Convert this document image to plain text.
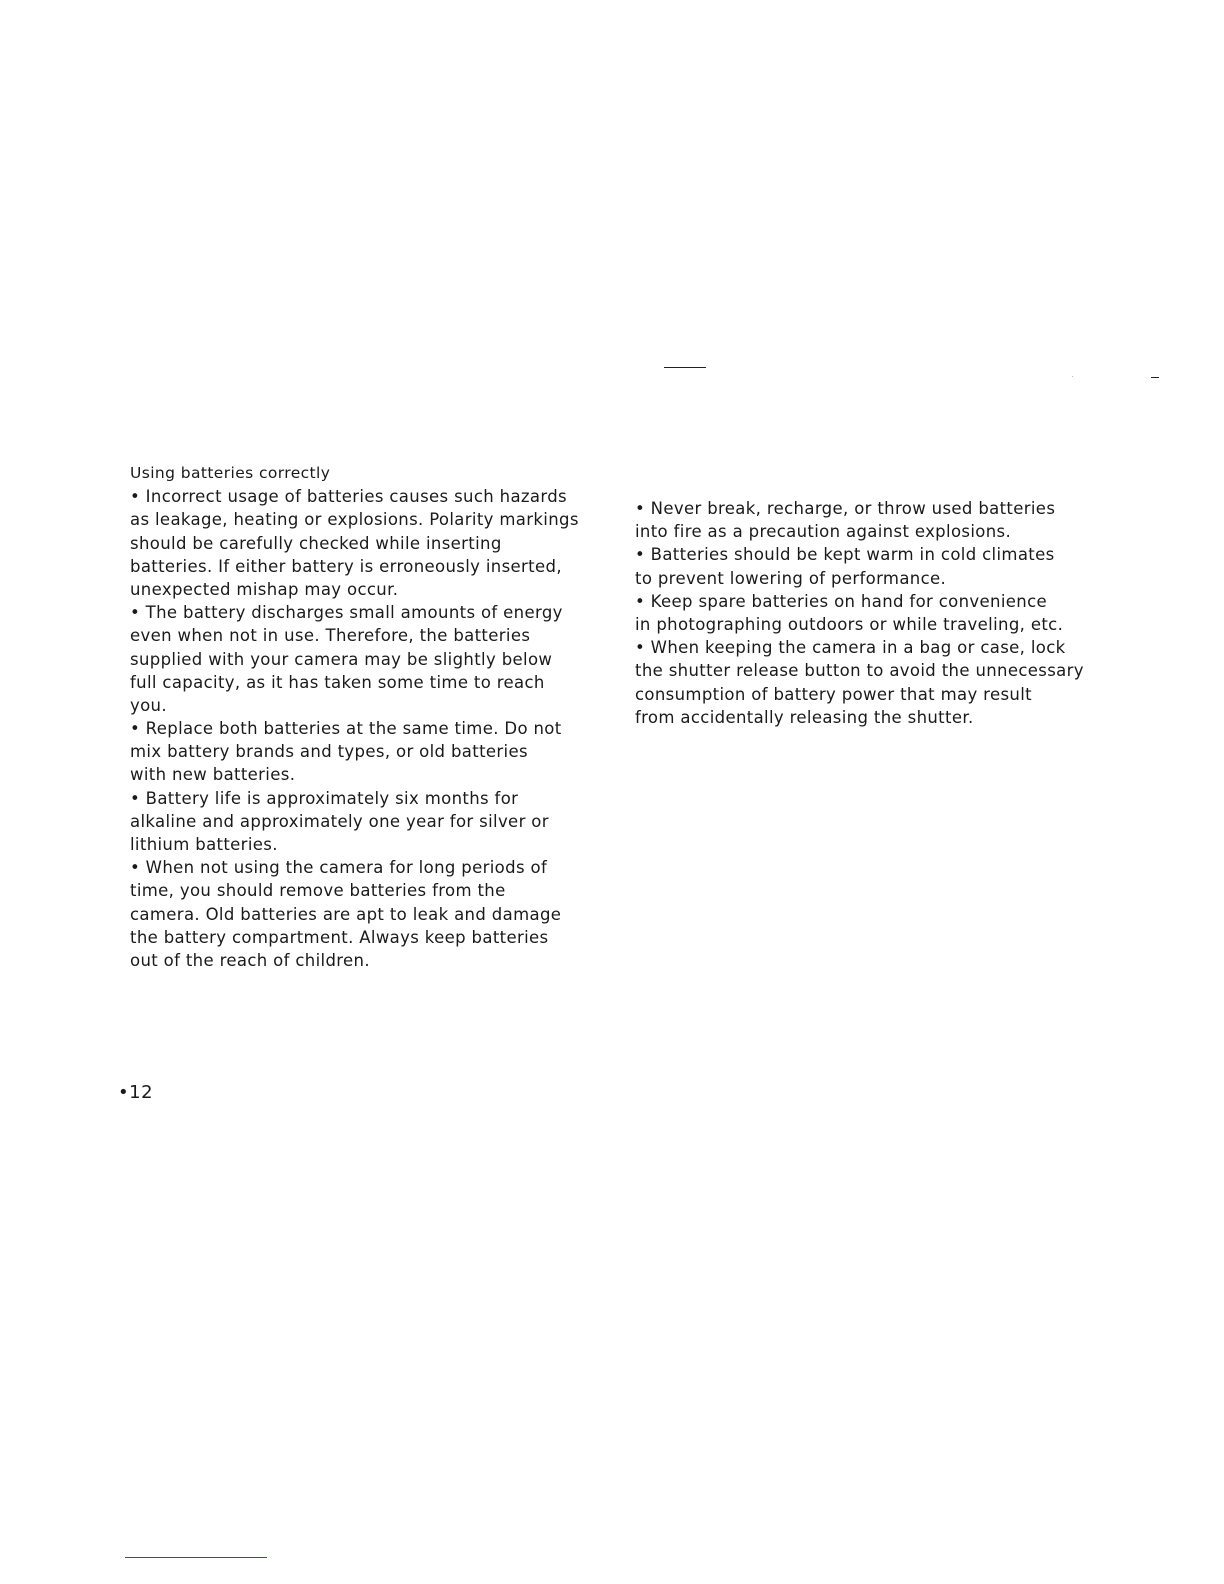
Using batteries correctly
• Incorrect usage of batteries causes such hazards
as leakage, heating or explosions. Polarity markings
should be carefully checked while inserting
batteries. If either battery is erroneously inserted,
unexpected mishap may occur.
• The battery discharges small amounts of energy
even when not in use. Therefore, the batteries
supplied with your camera may be slightly below
full capacity, as it has taken some time to reach
you.
• Replace both batteries at the same time. Do not
mix battery brands and types, or old batteries
with new batteries.
• Battery life is approximately six months for
alkaline and approximately one year for silver or
lithium batteries.
• When not using the camera for long periods of
time, you should remove batteries from the
camera. Old batteries are apt to leak and damage
the battery compartment. Always keep batteries
out of the reach of children.
• Never break, recharge, or throw used batteries
into fire as a precaution against explosions.
• Batteries should be kept warm in cold climates
to prevent lowering of performance.
• Keep spare batteries on hand for convenience
in photographing outdoors or while traveling, etc.
• When keeping the camera in a bag or case, lock
the shutter release button to avoid the unnecessary
consumption of battery power that may result
from accidentally releasing the shutter.
•12
